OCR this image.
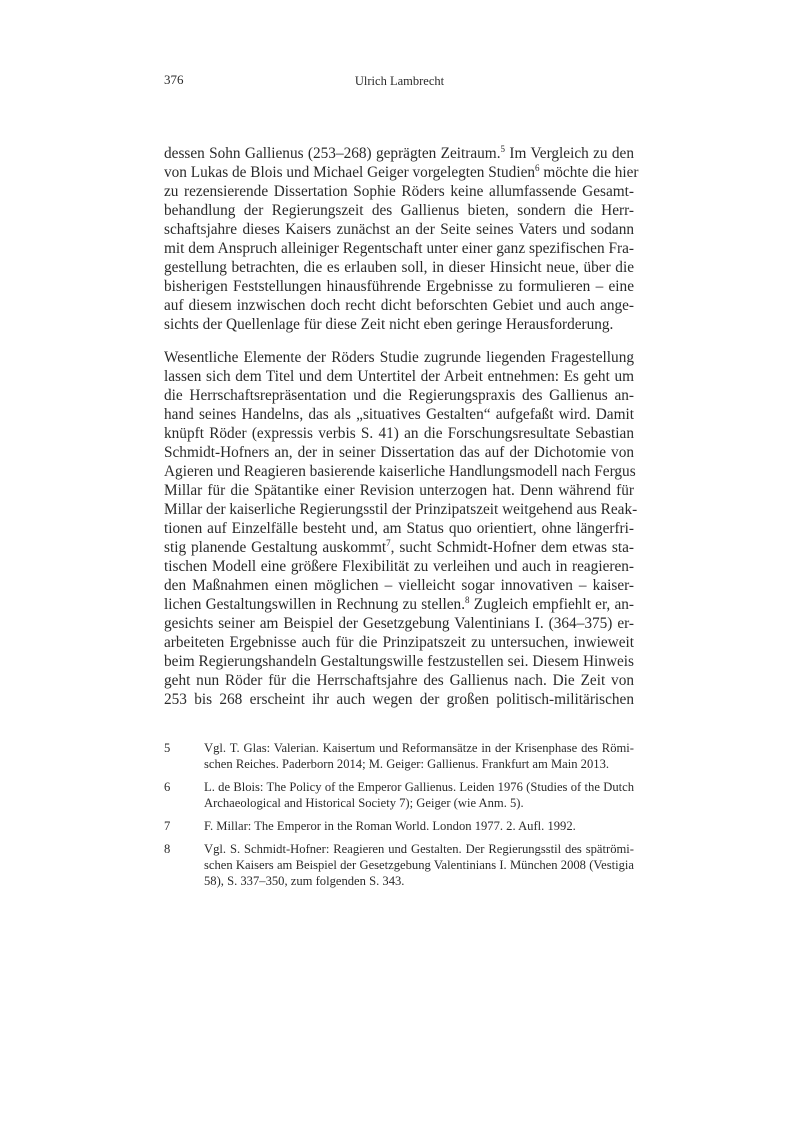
376	Ulrich Lambrecht
dessen Sohn Gallienus (253–268) geprägten Zeitraum.$^5$ Im Vergleich zu den
von Lukas de Blois und Michael Geiger vorgelegten Studien$^6$ möchte die hier
zu rezensierende Dissertation Sophie Röders keine allumfassende Gesamt-
behandlung der Regierungszeit des Gallienus bieten, sondern die Herr-
schaftsjahre dieses Kaisers zunächst an der Seite seines Vaters und sodann
mit dem Anspruch alleiniger Regentschaft unter einer ganz spezifischen Fra-
gestellung betrachten, die es erlauben soll, in dieser Hinsicht neue, über die
bisherigen Feststellungen hinausführende Ergebnisse zu formulieren – eine
auf diesem inzwischen doch recht dicht beforschten Gebiet und auch ange-
sichts der Quellenlage für diese Zeit nicht eben geringe Herausforderung.
Wesentliche Elemente der Röders Studie zugrunde liegenden Fragestellung
lassen sich dem Titel und dem Untertitel der Arbeit entnehmen: Es geht um
die Herrschaftsrepräsentation und die Regierungspraxis des Gallienus an-
hand seines Handelns, das als „situatives Gestalten“ aufgefaßt wird. Damit
knüpft Röder (expressis verbis S. 41) an die Forschungsresultate Sebastian
Schmidt-Hofners an, der in seiner Dissertation das auf der Dichotomie von
Agieren und Reagieren basierende kaiserliche Handlungsmodell nach Fergus
Millar für die Spätantike einer Revision unterzogen hat. Denn während für
Millar der kaiserliche Regierungsstil der Prinzipatszeit weitgehend aus Reak-
tionen auf Einzelfälle besteht und, am Status quo orientiert, ohne längerfri-
stig planende Gestaltung auskommt$^7$, sucht Schmidt-Hofner dem etwas sta-
tischen Modell eine größere Flexibilität zu verleihen und auch in reagieren-
den Maßnahmen einen möglichen – vielleicht sogar innovativen – kaiser-
lichen Gestaltungswillen in Rechnung zu stellen.$^8$ Zugleich empfiehlt er, an-
gesichts seiner am Beispiel der Gesetzgebung Valentinians I. (364–375) er-
arbeiteten Ergebnisse auch für die Prinzipatszeit zu untersuchen, inwieweit
beim Regierungshandeln Gestaltungswille festzustellen sei. Diesem Hinweis
geht nun Röder für die Herrschaftsjahre des Gallienus nach. Die Zeit von
253 bis 268 erscheint ihr auch wegen der großen politisch-militärischen
5	Vgl. T. Glas: Valerian. Kaisertum und Reformansätze in der Krisenphase des Römi-
schen Reiches. Paderborn 2014; M. Geiger: Gallienus. Frankfurt am Main 2013.
6	L. de Blois: The Policy of the Emperor Gallienus. Leiden 1976 (Studies of the Dutch
Archaeological and Historical Society 7); Geiger (wie Anm. 5).
7	F. Millar: The Emperor in the Roman World. London 1977. 2. Aufl. 1992.
8	Vgl. S. Schmidt-Hofner: Reagieren und Gestalten. Der Regierungsstil des spätrömi-
schen Kaisers am Beispiel der Gesetzgebung Valentinians I. München 2008 (Vestigia
58), S. 337–350, zum folgenden S. 343.
